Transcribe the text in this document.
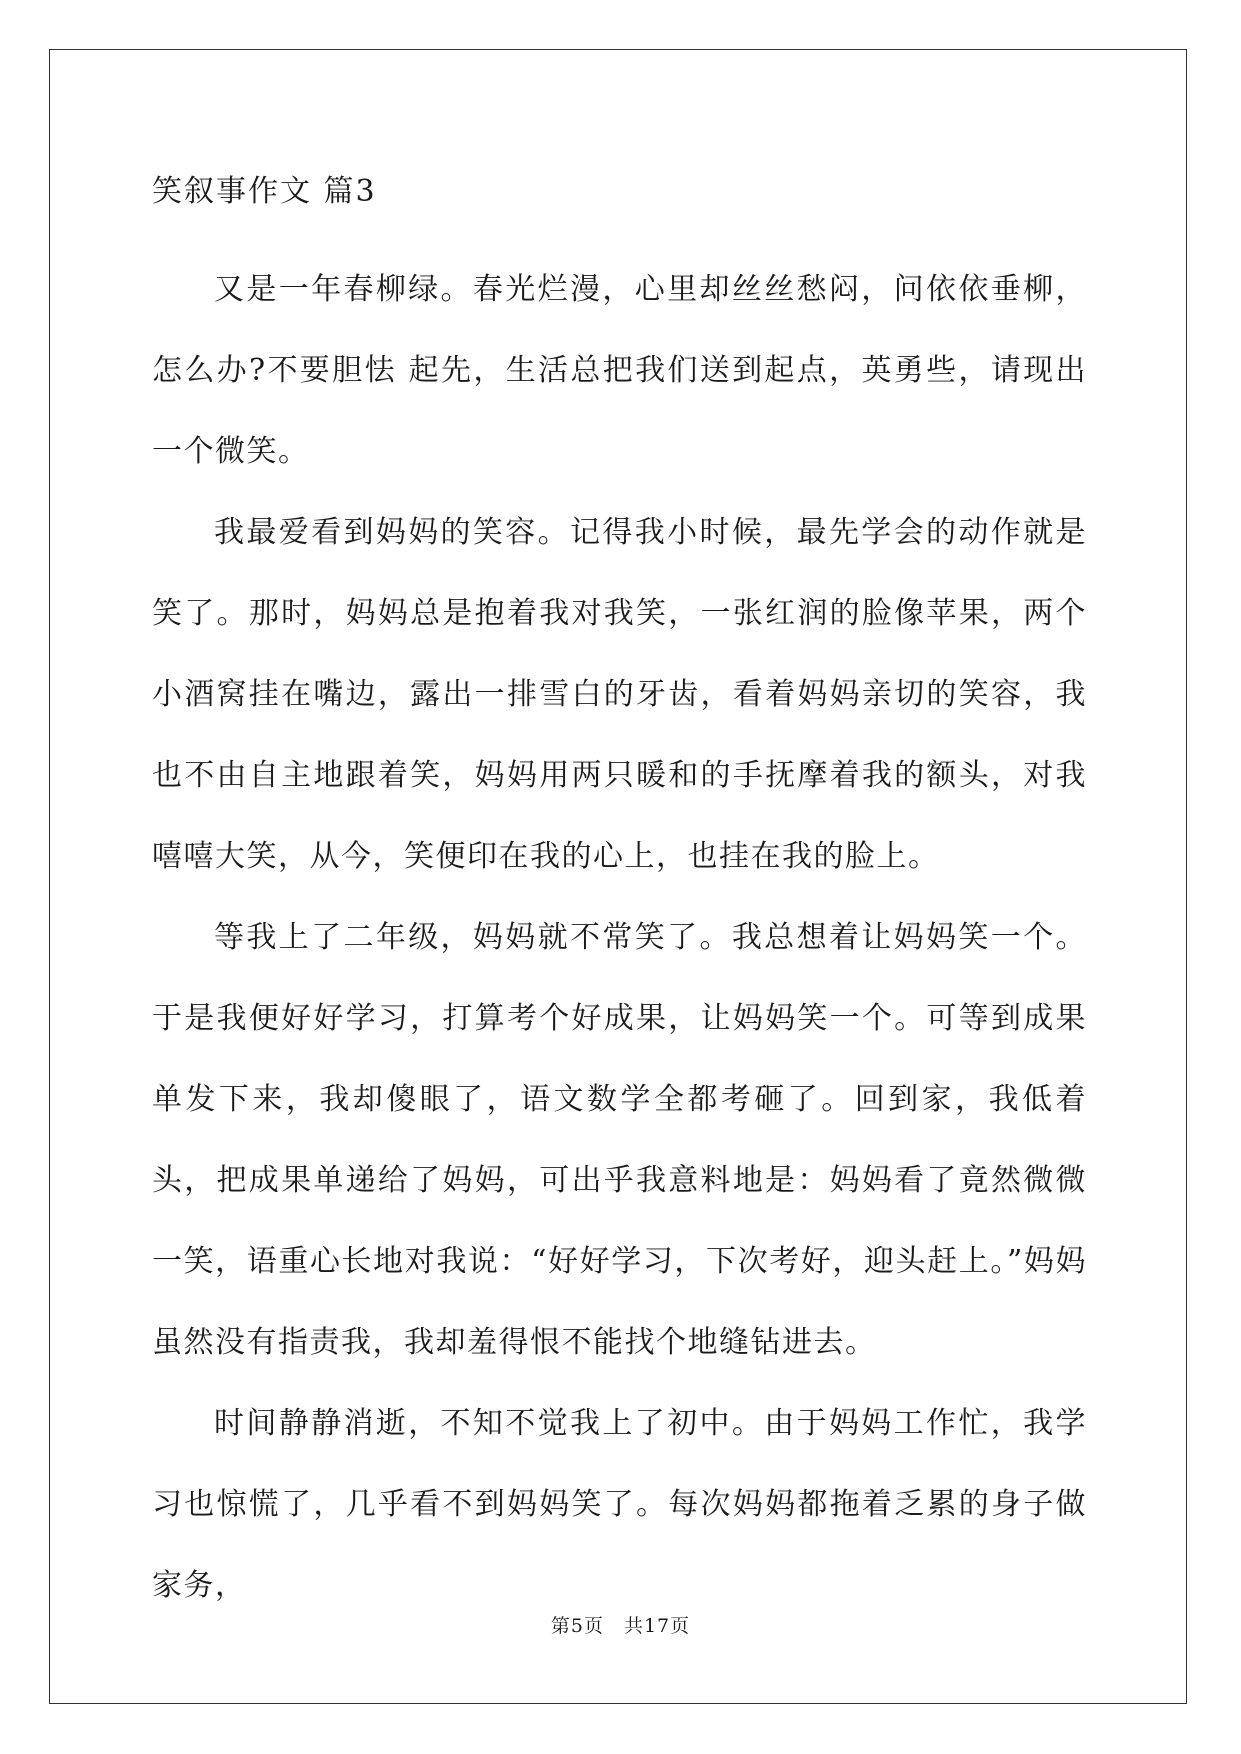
笑叙事作文 篇3

又是一年春柳绿。春光烂漫，心里却丝丝愁闷，问依依垂柳，怎么办?不要胆怯 起先，生活总把我们送到起点，英勇些，请现出一个微笑。

我最爱看到妈妈的笑容。记得我小时候，最先学会的动作就是笑了。那时，妈妈总是抱着我对我笑，一张红润的脸像苹果，两个小酒窝挂在嘴边，露出一排雪白的牙齿，看着妈妈亲切的笑容，我也不由自主地跟着笑，妈妈用两只暖和的手抚摩着我的额头，对我嘻嘻大笑，从今，笑便印在我的心上，也挂在我的脸上。

等我上了二年级，妈妈就不常笑了。我总想着让妈妈笑一个。于是我便好好学习，打算考个好成果，让妈妈笑一个。可等到成果单发下来，我却傻眼了，语文数学全都考砸了。回到家，我低着头，把成果单递给了妈妈，可出乎我意料地是：妈妈看了竟然微微一笑，语重心长地对我说：“好好学习，下次考好，迎头赶上。”妈妈虽然没有指责我，我却羞得恨不能找个地缝钻进去。

时间静静消逝，不知不觉我上了初中。由于妈妈工作忙，我学习也惊慌了，几乎看不到妈妈笑了。每次妈妈都拖着乏累的身子做家务，

第5页　共17页
